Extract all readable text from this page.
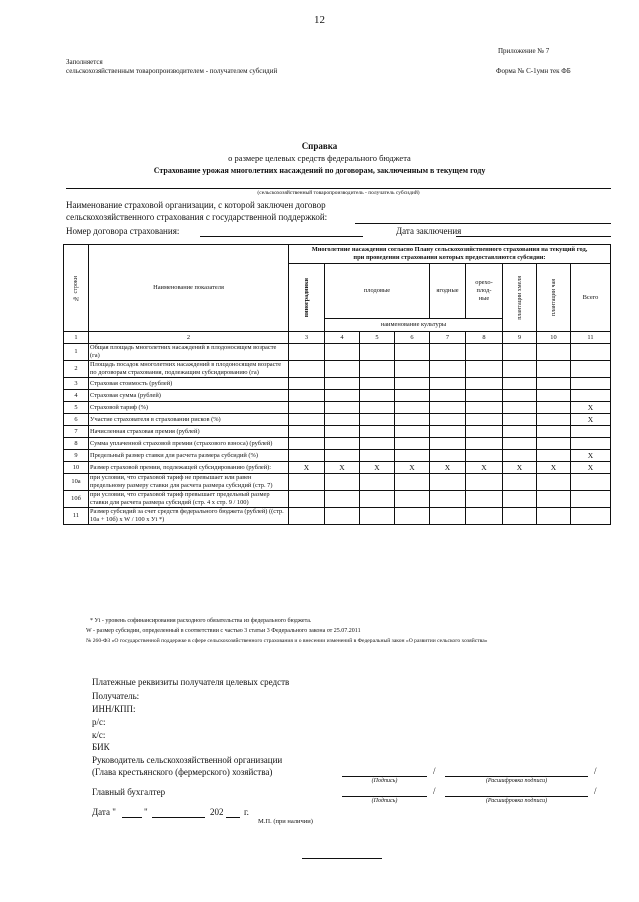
12
Заполняется
сельскохозяйственным товаропроизводителем - получателем субсидий
Приложение № 7
Форма № С-1умн тек ФБ
Справка
о размере целевых средств федерального бюджета
Страхование урожая многолетних насаждений по договорам, заключенным в текущем году
(сельскохозяйственный товаропроизводитель - получатель субсидий)
Наименование страховой организации, с которой заключен договор
сельскохозяйственного страхования с государственной поддержкой:
Номер договора страхования:	Дата заключения
№ строки	Наименование показателя	Многолетние насаждения согласно Плану сельскохозяйственного страхования на текущий год,
при проведении страхования которых предоставляются субсидии:								

		виноградники	плодовые			ягодные	орехо-
плод-
ные	плантации хмеля	плантации чая	Всего
			наименование культуры							
1	2	3	4	5	6	7	8	9	10	11
1	Общая площадь многолетних насаждений в плодоносящем возрасте (га)									
2	Площадь посадок многолетних насаждений в плодоносящем возрасте по договорам страхования, подлежащим субсидированию (га)									
3	Страховая стоимость (рублей)									
4	Страховая сумма (рублей)									
5	Страховой тариф (%)									X
6	Участие страхователя в страховании рисков (%)									X
7	Начисленная страховая премия (рублей)									
8	Сумма уплаченной страховой премии (страхового взноса) (рублей)									
9	Предельный размер ставки для расчета размера субсидий (%)									X
10	Размер страховой премии, подлежащей субсидированию (рублей):	X	X	X	X	X	X	X	X	X
10а	при условии, что страховой тариф не превышает или равен предельному размеру ставки для расчета размера субсидий (стр. 7)									
10б	при условии, что страховой тариф превышает предельный размер ставки для расчета размера субсидий (стр. 4 х стр. 9 / 100)									
11	Размер субсидий за счет средств федерального бюджета (рублей) ((стр. 10а + 10б) х W / 100 х Уi *)									
* Уi - уровень софинансирования расходного обязательства из федерального бюджета.
W - размер субсидии, определенный в соответствии с частью 3 статьи 3 Федерального закона от 25.07.2011
№ 260-ФЗ «О государственной поддержке в сфере сельскохозяйственного страхования и о внесении изменений в Федеральный закон «О развитии сельского хозяйства»
Платежные реквизиты получателя целевых средств
Получатель:
ИНН/КПП:
р/с:
к/с:
БИК
Руководитель сельскохозяйственной организации
(Глава крестьянского (фермерского) хозяйства)	/	/
(Подпись)	(Расшифровка подписи)
Главный бухгалтер	/	/
(Подпись)	(Расшифровка подписи)
Дата "	"	202 г.
М.П. (при наличии)
